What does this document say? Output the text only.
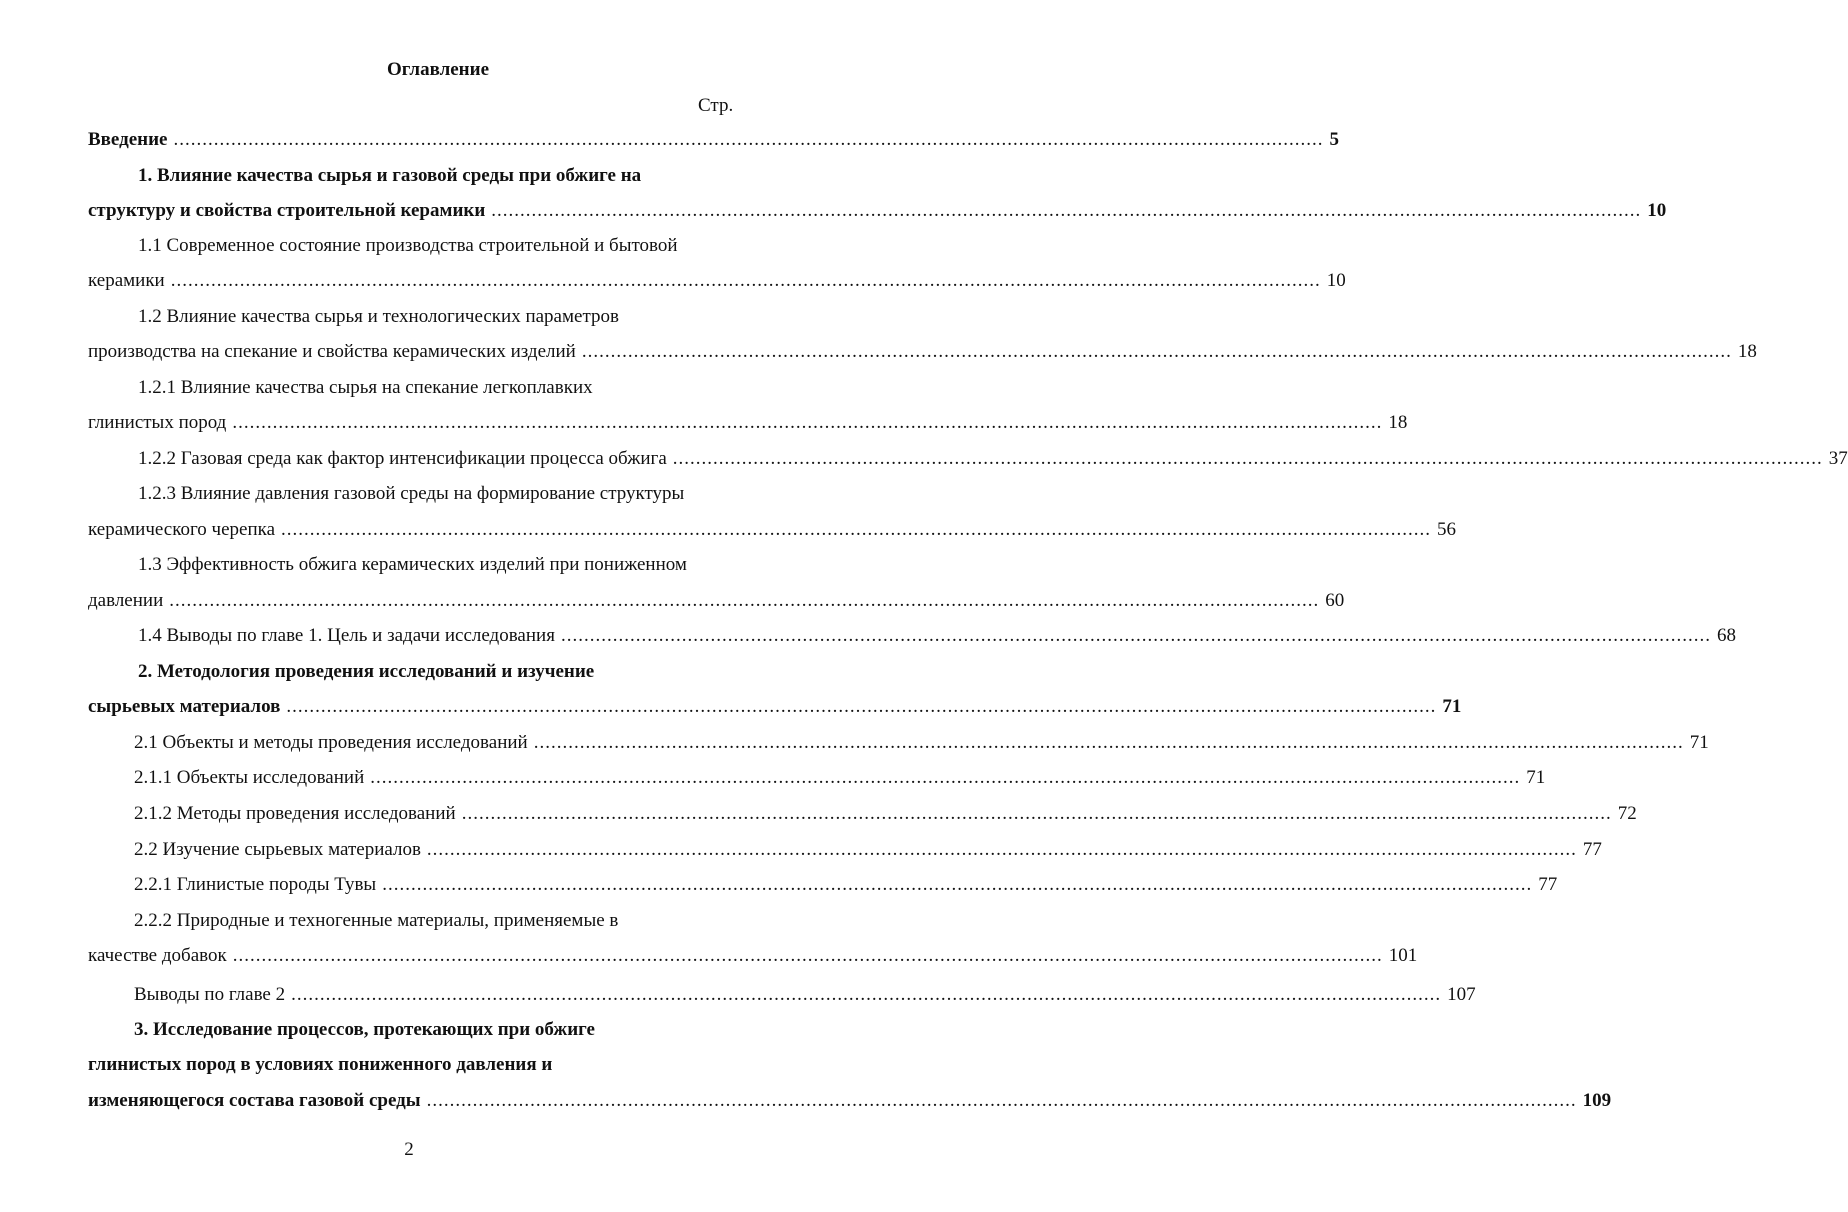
Оглавление
Стр.
Введение ........................................................................................................................................................................................................ 5
1. Влияние качества сырья и газовой среды при обжиге на
структуру и свойства строительной керамики ........................................................................................................................................................................................................ 10
1.1 Современное состояние производства строительной и бытовой
керамики ........................................................................................................................................................................................................ 10
1.2 Влияние качества сырья и технологических параметров
производства на спекание и свойства керамических изделий ........................................................................................................................................................................................................ 18
1.2.1 Влияние качества сырья на спекание легкоплавких
глинистых пород ........................................................................................................................................................................................................ 18
1.2.2 Газовая среда как фактор интенсификации процесса обжига ........................................................................................................................................................................................................ 37
1.2.3 Влияние давления газовой среды на формирование структуры
керамического черепка ........................................................................................................................................................................................................ 56
1.3 Эффективность обжига керамических изделий при пониженном
давлении ........................................................................................................................................................................................................ 60
1.4 Выводы по главе 1. Цель и задачи исследования ........................................................................................................................................................................................................ 68
2. Методология проведения исследований и изучение
сырьевых материалов ........................................................................................................................................................................................................ 71
2.1 Объекты и методы проведения исследований ........................................................................................................................................................................................................ 71
2.1.1 Объекты исследований ........................................................................................................................................................................................................ 71
2.1.2 Методы проведения исследований ........................................................................................................................................................................................................ 72
2.2 Изучение сырьевых материалов ........................................................................................................................................................................................................ 77
2.2.1 Глинистые породы Тувы ........................................................................................................................................................................................................ 77
2.2.2 Природные и техногенные материалы, применяемые в
качестве добавок ........................................................................................................................................................................................................ 101
Выводы по главе 2 ........................................................................................................................................................................................................ 107
3. Исследование процессов, протекающих при обжиге
глинистых пород в условиях пониженного давления и
изменяющегося состава газовой среды ........................................................................................................................................................................................................ 109
2
